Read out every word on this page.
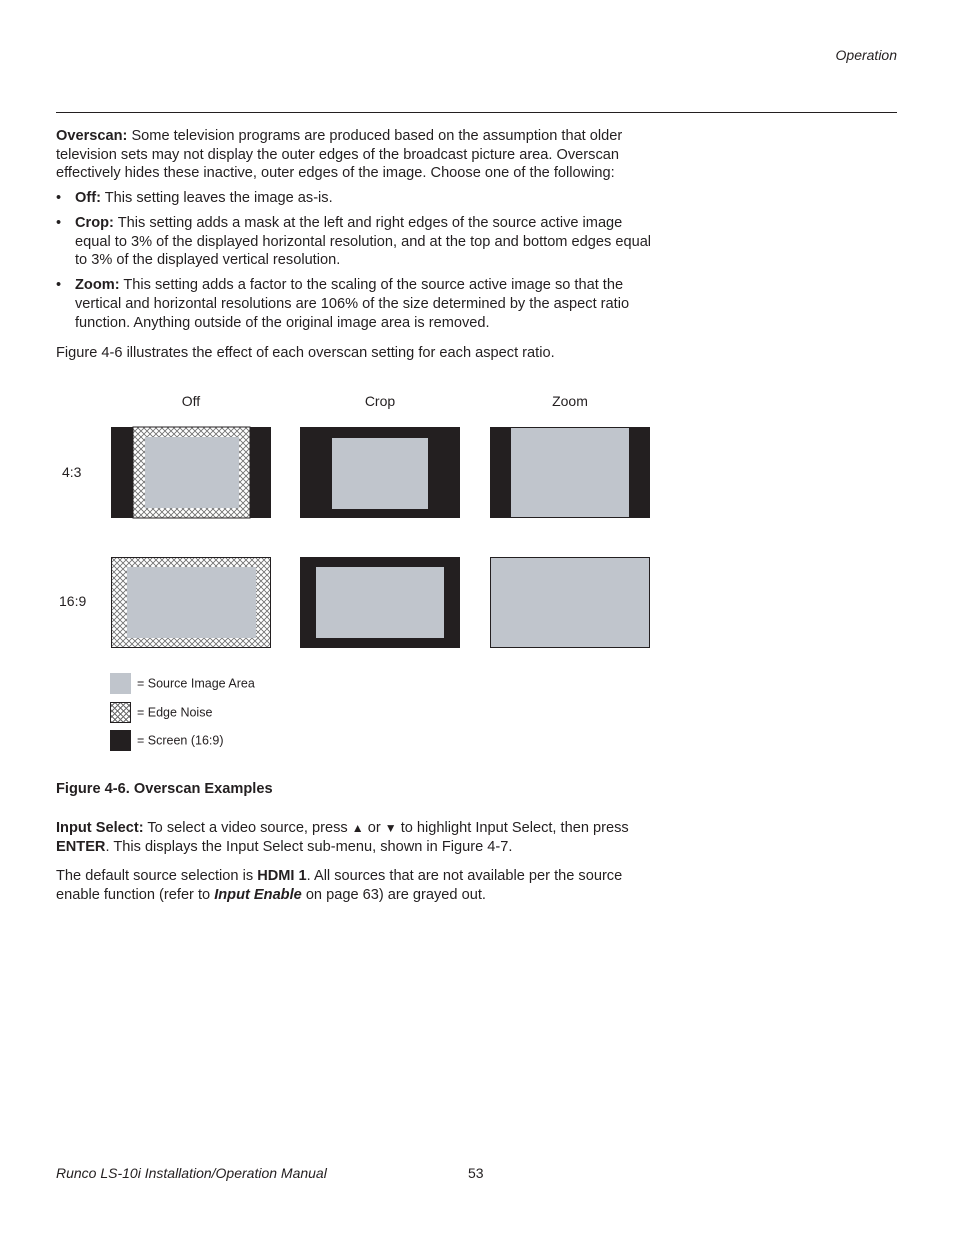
Operation
Overscan: Some television programs are produced based on the assumption that older television sets may not display the outer edges of the broadcast picture area. Overscan effectively hides these inactive, outer edges of the image. Choose one of the following:
• Off: This setting leaves the image as-is.
• Crop: This setting adds a mask at the left and right edges of the source active image equal to 3% of the displayed horizontal resolution, and at the top and bottom edges equal to 3% of the displayed vertical resolution.
• Zoom: This setting adds a factor to the scaling of the source active image so that the vertical and horizontal resolutions are 106% of the size determined by the aspect ratio function. Anything outside of the original image area is removed.
Figure 4-6 illustrates the effect of each overscan setting for each aspect ratio.
Off	Crop	Zoom
4:3
16:9
= Source Image Area
= Edge Noise
= Screen (16:9)
Figure 4-6. Overscan Examples
Input Select: To select a video source, press ▲ or ▼ to highlight Input Select, then press ENTER. This displays the Input Select sub-menu, shown in Figure 4-7.
The default source selection is HDMI 1. All sources that are not available per the source enable function (refer to Input Enable on page 63) are grayed out.
Runco LS-10i Installation/Operation Manual	53
